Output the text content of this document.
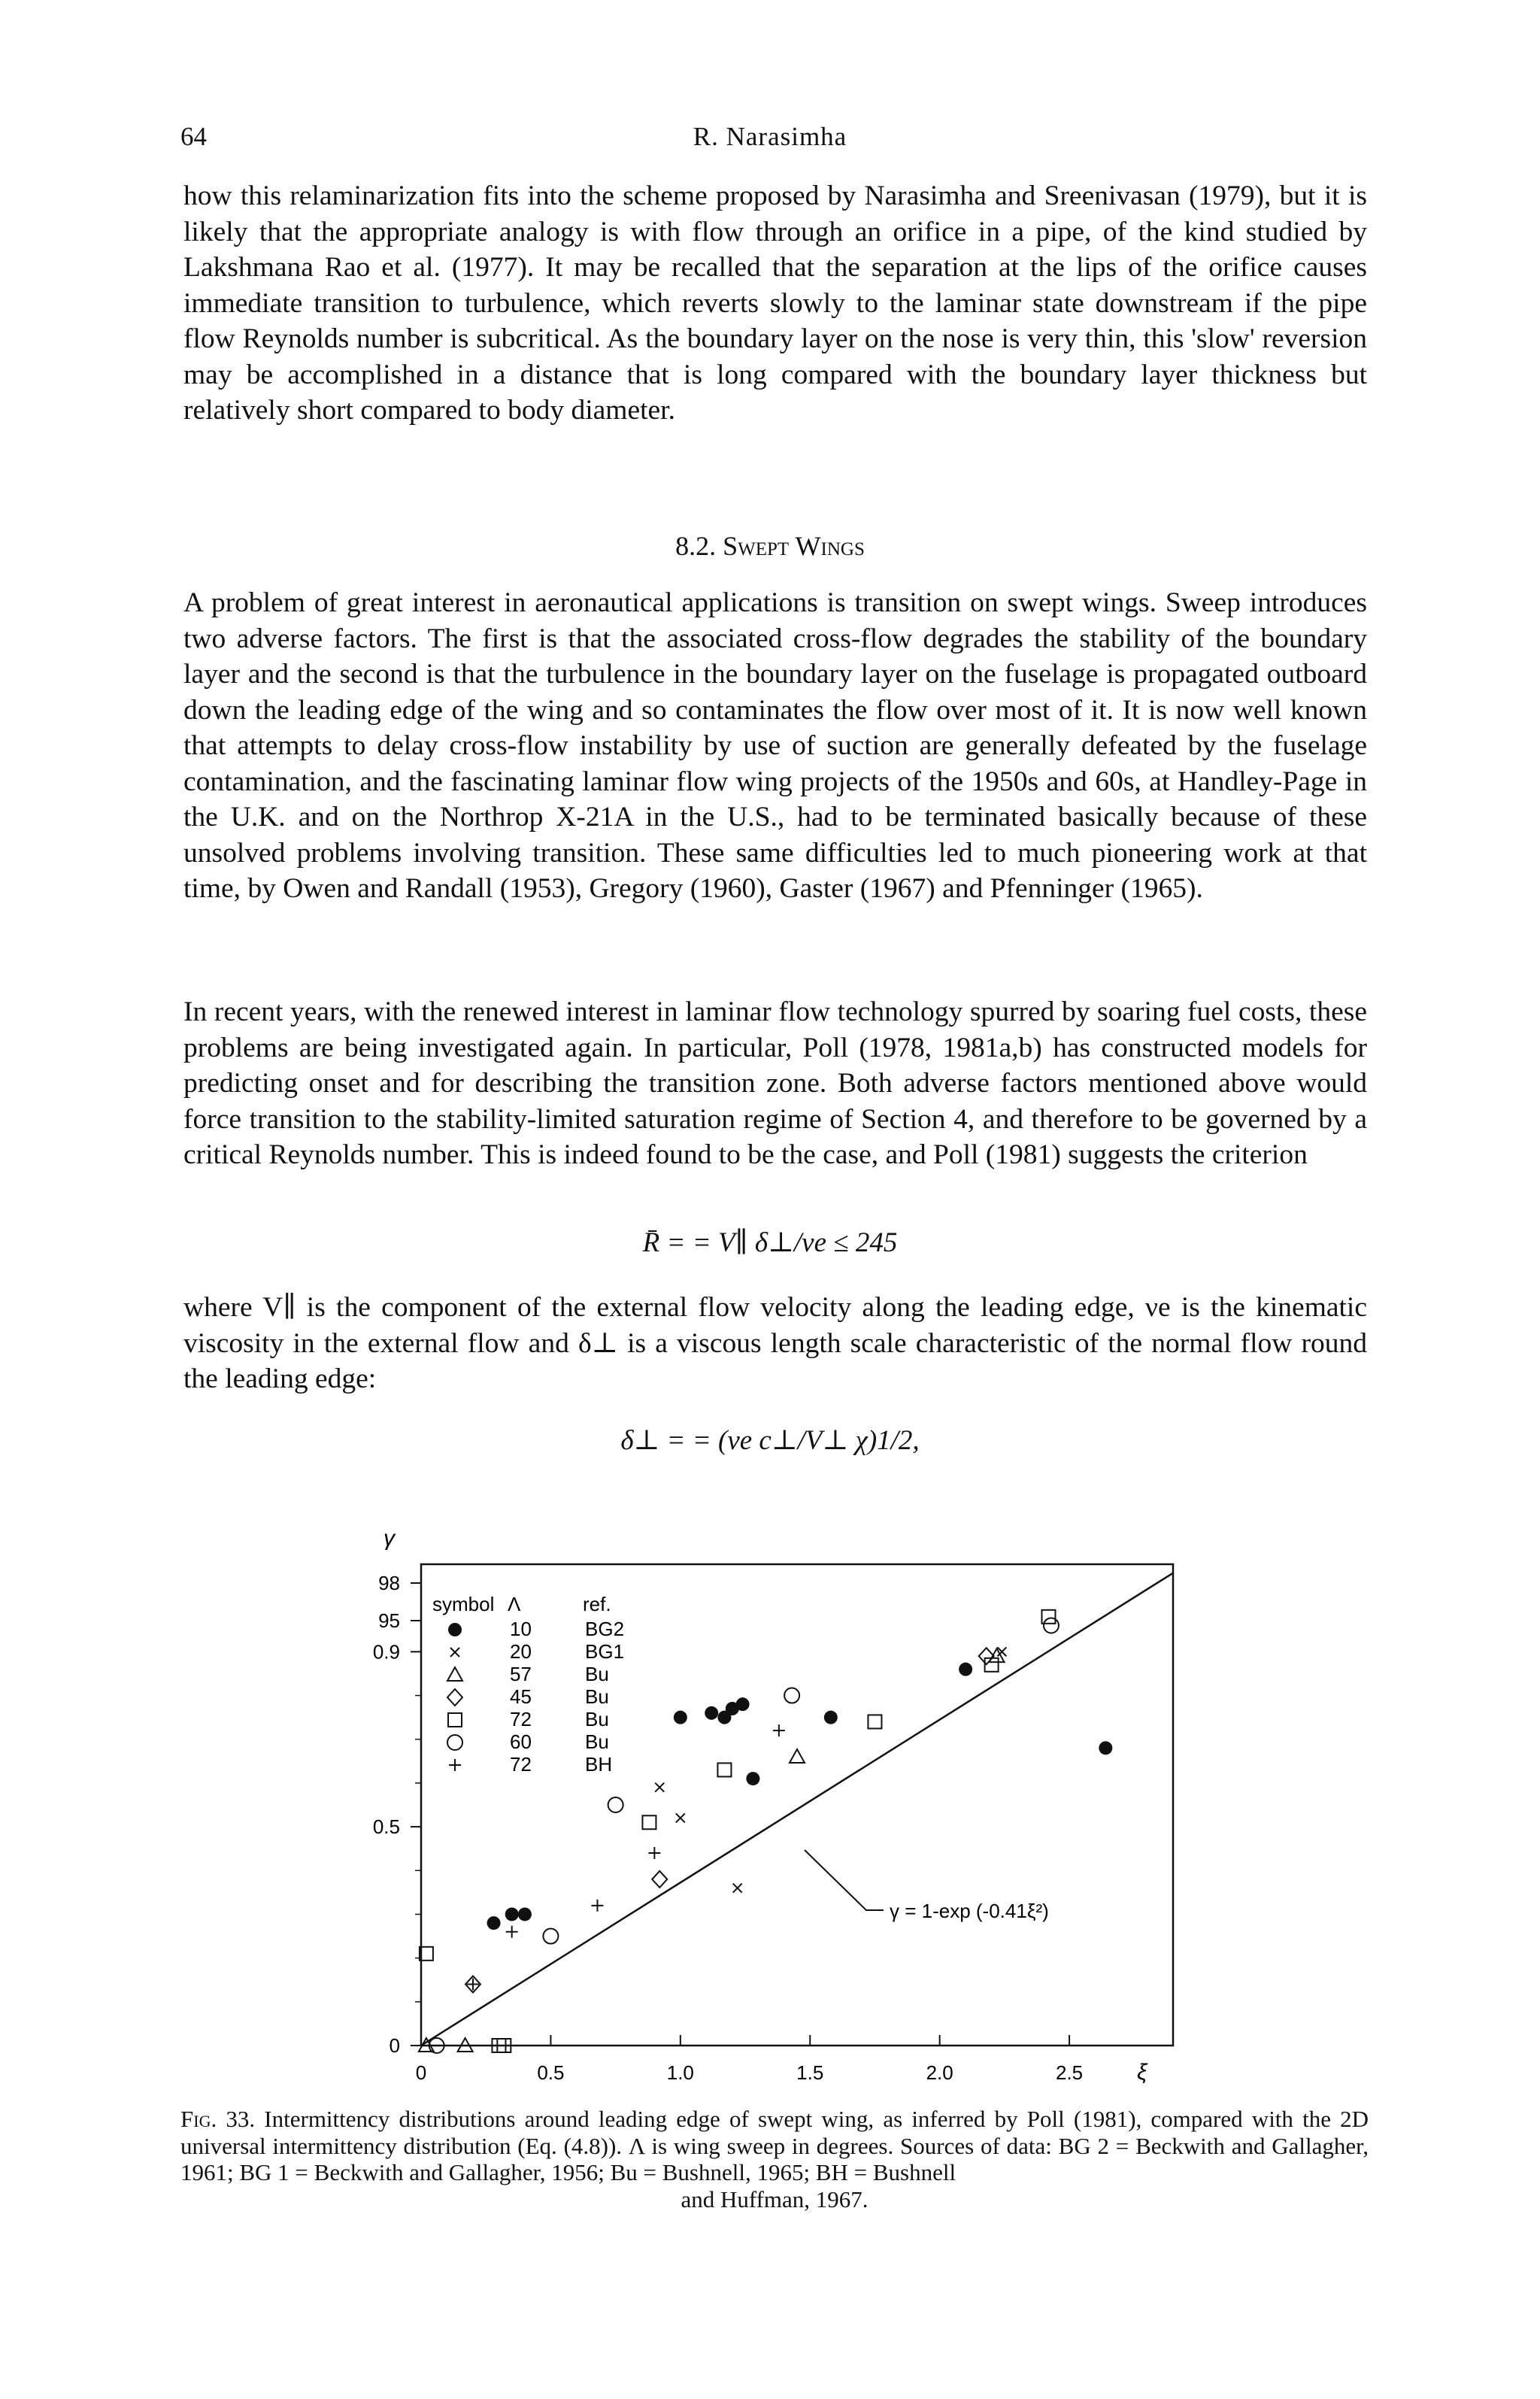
64	R. Narasimha

how this relaminarization fits into the scheme proposed by Narasimha and Sreenivasan (1979), but it is likely that the appropriate analogy is with flow through an orifice in a pipe, of the kind studied by Lakshmana Rao et al. (1977). It may be recalled that the separation at the lips of the orifice causes immediate transition to turbulence, which reverts slowly to the laminar state downstream if the pipe flow Reynolds number is subcritical. As the boundary layer on the nose is very thin, this 'slow' reversion may be accomplished in a distance that is long compared with the boundary layer thickness but relatively short compared to body diameter.

8.2. Swept Wings

A problem of great interest in aeronautical applications is transition on swept wings. Sweep introduces two adverse factors. The first is that the associated cross-flow degrades the stability of the boundary layer and the second is that the turbulence in the boundary layer on the fuselage is propagated outboard down the leading edge of the wing and so contaminates the flow over most of it. It is now well known that attempts to delay cross-flow instability by use of suction are generally defeated by the fuselage contamination, and the fascinating laminar flow wing projects of the 1950s and 60s, at Handley-Page in the U.K. and on the Northrop X-21A in the U.S., had to be terminated basically because of these unsolved problems involving transition. These same difficulties led to much pioneering work at that time, by Owen and Randall (1953), Gregory (1960), Gaster (1967) and Pfenninger (1965).

In recent years, with the renewed interest in laminar flow technology spurred by soaring fuel costs, these problems are being investigated again. In particular, Poll (1978, 1981a,b) has constructed models for predicting onset and for describing the transition zone. Both adverse factors mentioned above would force transition to the stability-limited saturation regime of Section 4, and therefore to be governed by a critical Reynolds number. This is indeed found to be the case, and Poll (1981) suggests the criterion

R̄ = = V∥ δ⊥/νe ≤ 245

where V∥ is the component of the external flow velocity along the leading edge, νe is the kinematic viscosity in the external flow and δ⊥ is a viscous length scale characteristic of the normal flow round the leading edge:

δ⊥ = = (νe c⊥/V⊥ χ)1/2,
γ
ξ
0
0.5
0.9
95
98
0	0.5	1.0	1.5	2.0	2.5
symbol Λ	ref.
10	BG2
20	BG1
57	Bu
45	Bu
72	Bu
60	Bu
72	BH
γ = 1-exp (-0.41ξ²)
Fig. 33. Intermittency distributions around leading edge of swept wing, as inferred by Poll (1981), compared with the 2D universal intermittency distribution (Eq. (4.8)). Λ is wing sweep in degrees. Sources of data: BG 2 = Beckwith and Gallagher, 1961; BG 1 = Beckwith and Gallagher, 1956; Bu = Bushnell, 1965; BH = Bushnell
and Huffman, 1967.
